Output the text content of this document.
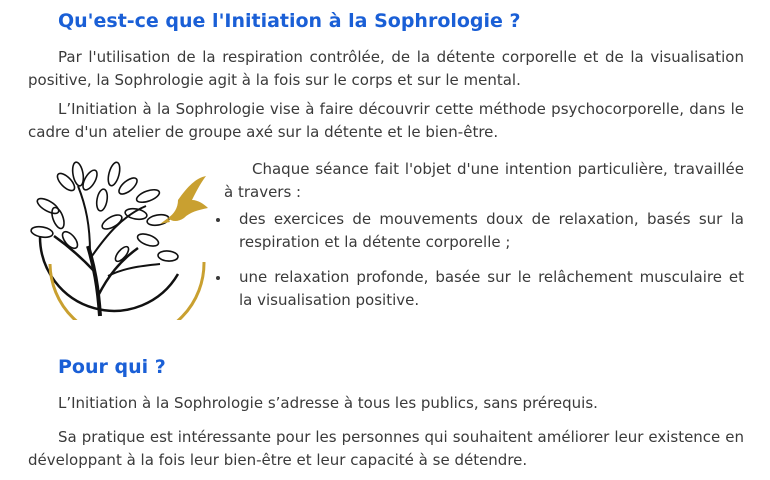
Qu'est-ce que l'Initiation à la Sophrologie ?

Par l'utilisation de la respiration contrôlée, de la détente corporelle et de la visualisation positive, la Sophrologie agit à la fois sur le corps et sur le mental.

L’Initiation à la Sophrologie vise à faire découvrir cette méthode psychocorporelle, dans le cadre d'un atelier de groupe axé sur la détente et le bien-être.

Chaque séance fait l'objet d'une intention particulière, travaillée à travers :

des exercices de mouvements doux de relaxation, basés sur la respiration et la détente corporelle ;
une relaxation profonde, basée sur le relâchement musculaire et la visualisation positive.
Pour qui ?

L’Initiation à la Sophrologie s’adresse à tous les publics, sans prérequis.

Sa pratique est intéressante pour les personnes qui souhaitent améliorer leur existence en développant à la fois leur bien-être et leur capacité à se détendre.
